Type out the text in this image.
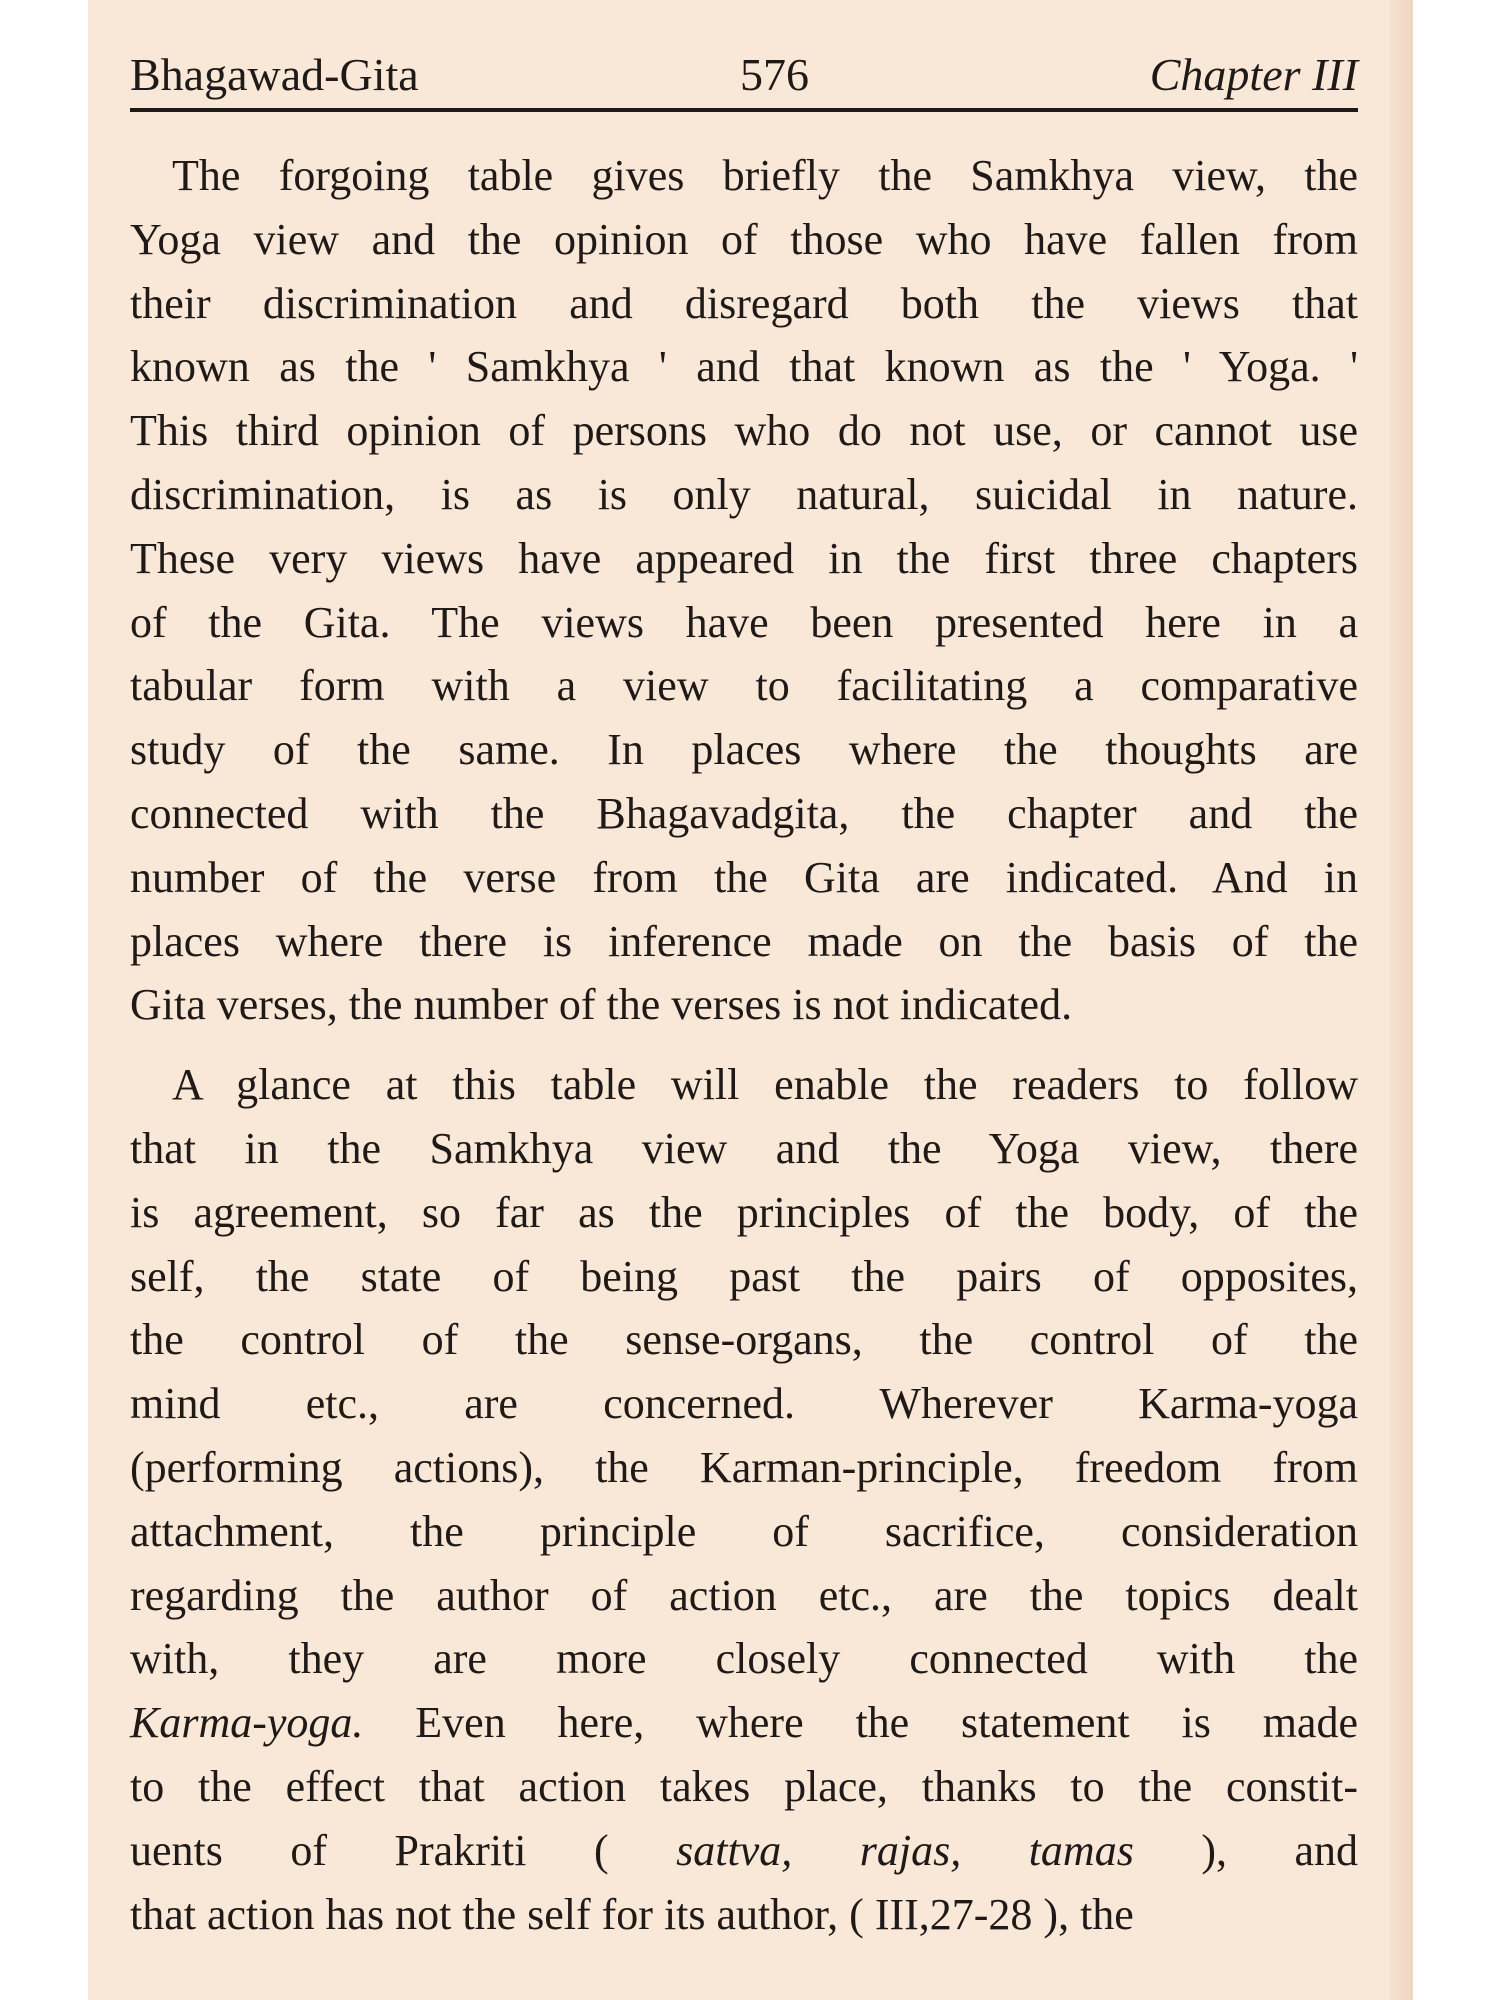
Bhagawad-Gita	576	Chapter III
The forgoing table gives briefly the Samkhya view, the
Yoga view and the opinion of those who have fallen from
their discrimination and disregard both the views that
known as the ' Samkhya ' and that known as the ' Yoga. '
This third opinion of persons who do not use, or cannot use
discrimination, is as is only natural, suicidal in nature.
These very views have appeared in the first three chapters
of the Gita. The views have been presented here in a
tabular form with a view to facilitating a comparative
study of the same. In places where the thoughts are
connected with the Bhagavadgita, the chapter and the
number of the verse from the Gita are indicated. And in
places where there is inference made on the basis of the
Gita verses, the number of the verses is not indicated.
A glance at this table will enable the readers to follow
that in the Samkhya view and the Yoga view, there
is agreement, so far as the principles of the body, of the
self, the state of being past the pairs of opposites,
the control of the sense-organs, the control of the
mind etc., are concerned. Wherever Karma-yoga
(performing actions), the Karman-principle, freedom from
attachment, the principle of sacrifice, consideration
regarding the author of action etc., are the topics dealt
with, they are more closely connected with the
Karma-yoga. Even here, where the statement is made
to the effect that action takes place, thanks to the constit-
uents of Prakriti ( sattva, rajas, tamas ), and
that action has not the self for its author, ( III,27-28 ), the
